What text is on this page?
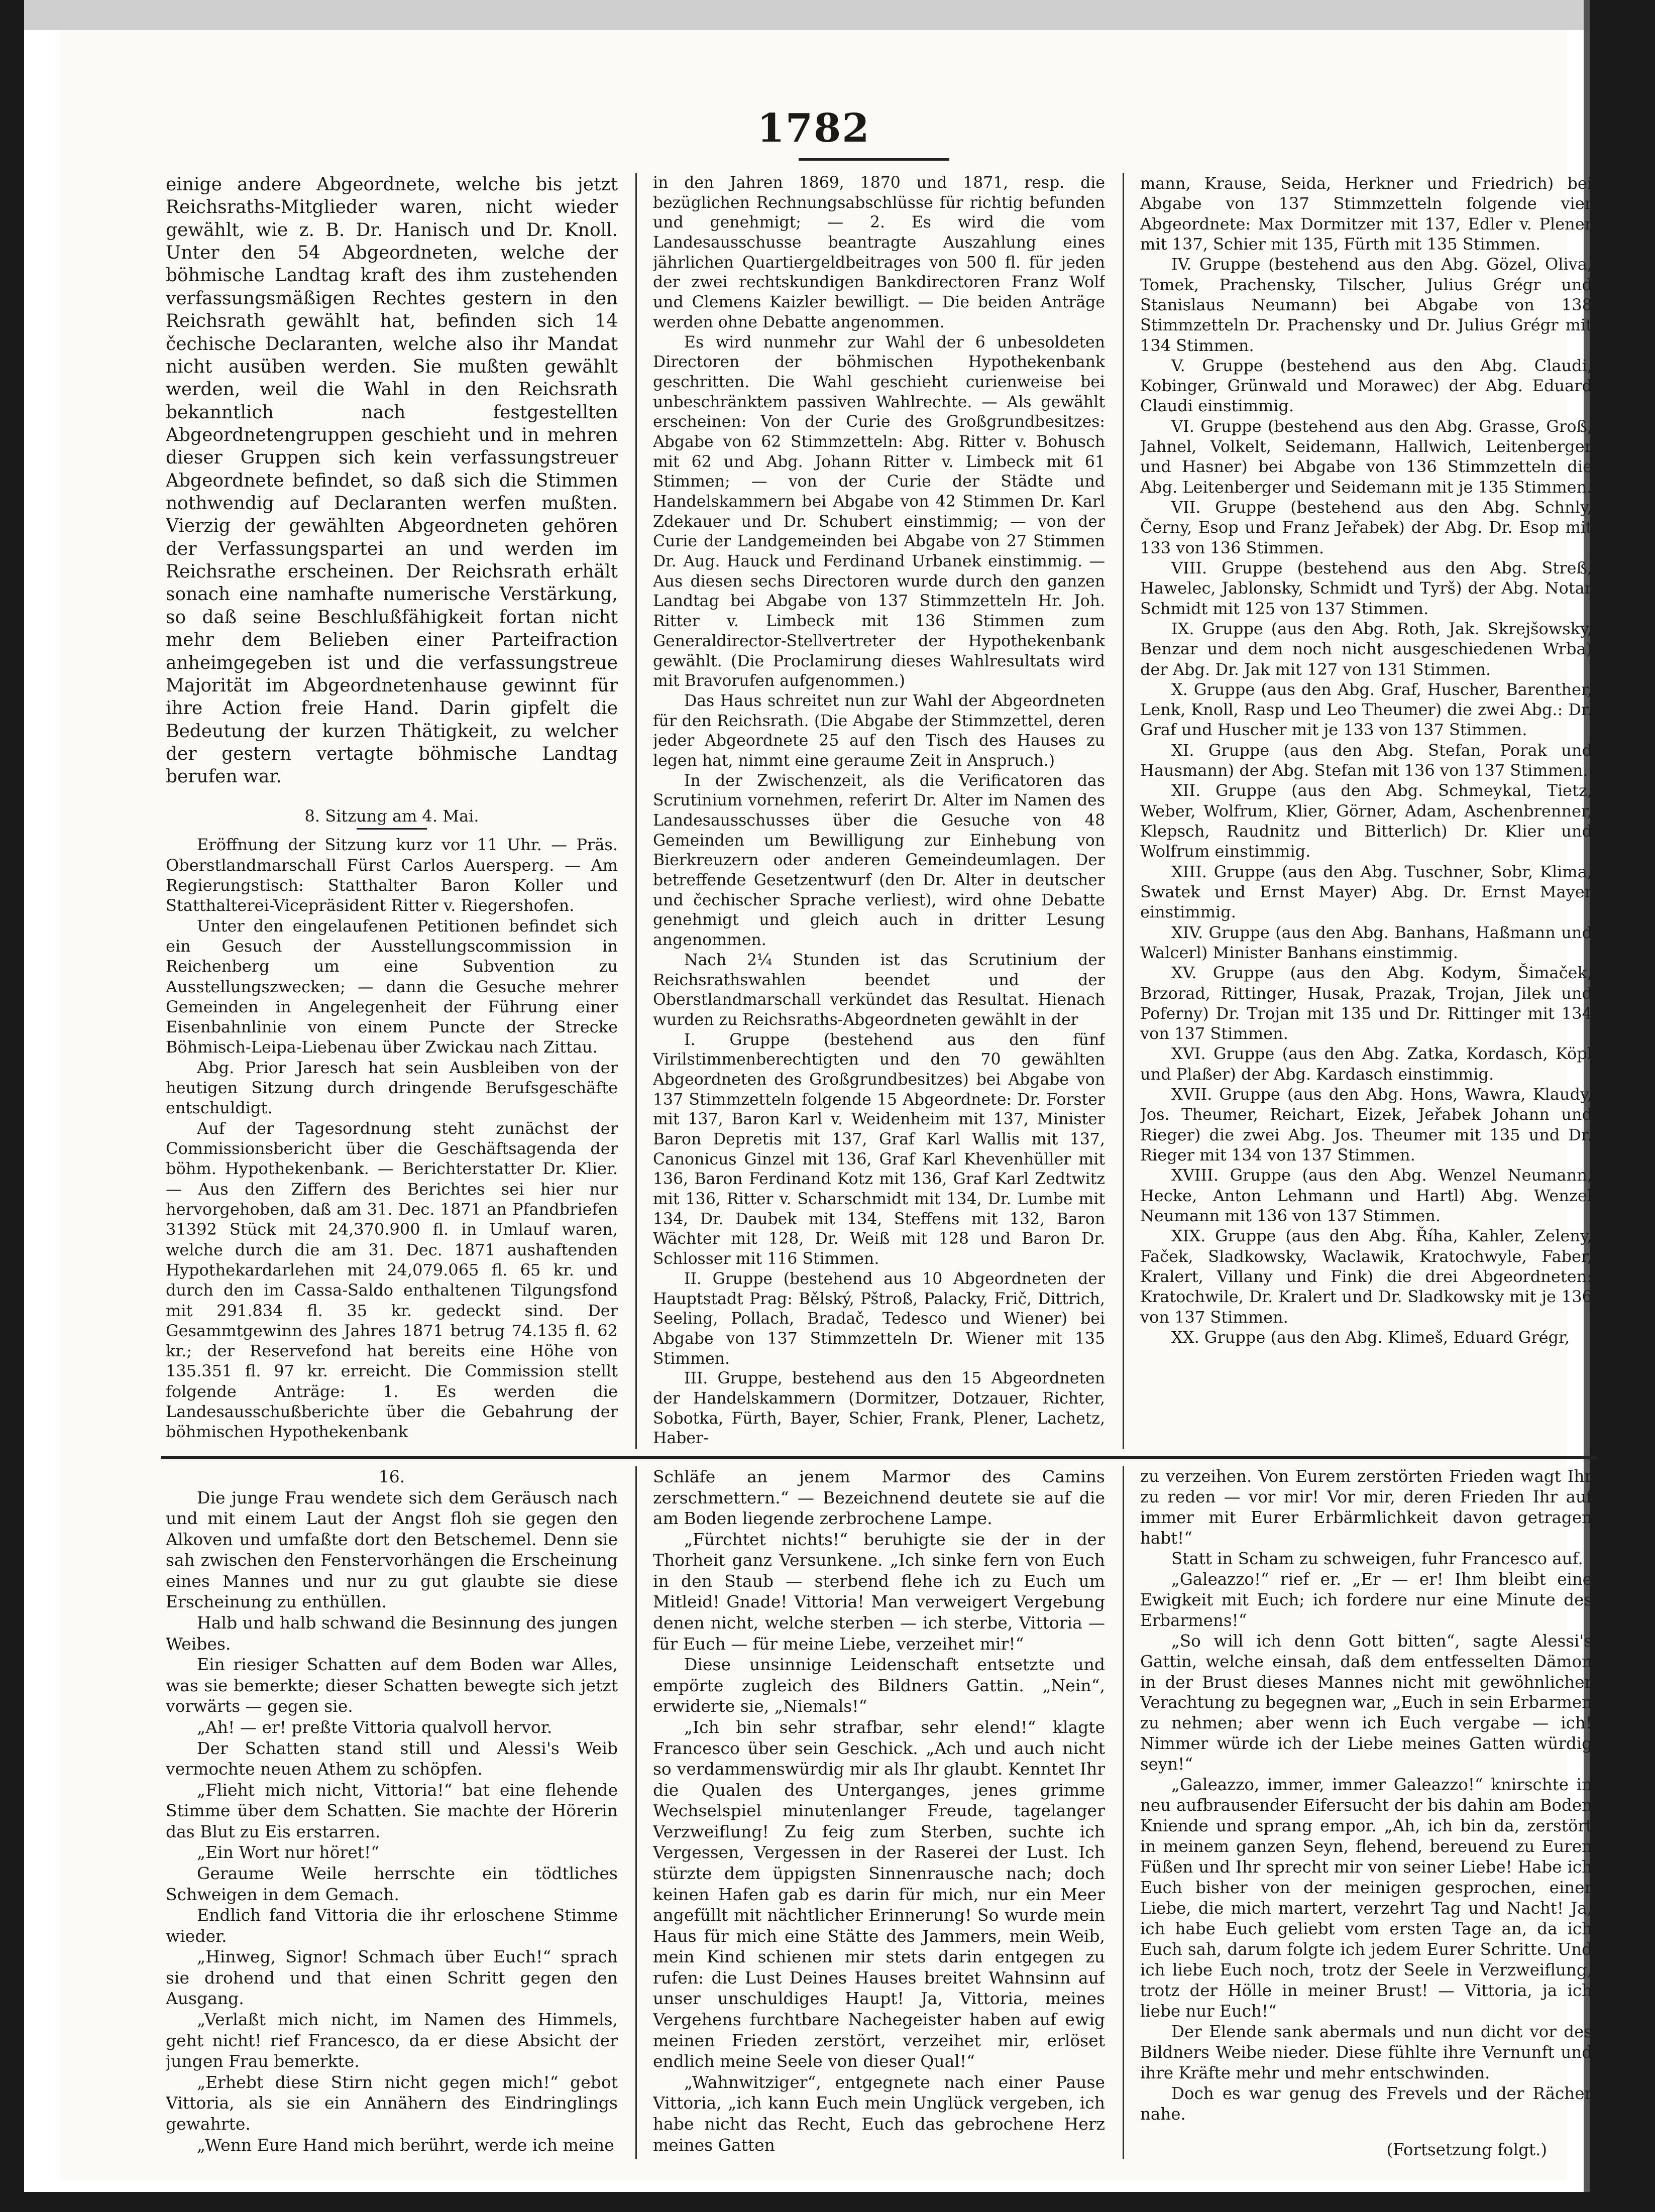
1782

einige andere Abgeordnete, welche bis jetzt Reichsraths-Mitglieder waren, nicht wieder gewählt, wie z. B. Dr. Hanisch und Dr. Knoll. Unter den 54 Abgeordneten, welche der böhmische Landtag kraft des ihm zustehenden verfassungsmäßigen Rechtes gestern in den Reichsrath gewählt hat, befinden sich 14 čechische Declaranten, welche also ihr Mandat nicht ausüben werden. Sie mußten gewählt werden, weil die Wahl in den Reichsrath bekanntlich nach festgestellten Abgeordnetengruppen geschieht und in mehren dieser Gruppen sich kein verfassungstreuer Abgeordnete befindet, so daß sich die Stimmen nothwendig auf Declaranten werfen mußten. Vierzig der gewählten Abgeordneten gehören der Verfassungspartei an und werden im Reichsrathe erscheinen. Der Reichsrath erhält sonach eine namhafte numerische Verstärkung, so daß seine Beschlußfähigkeit fortan nicht mehr dem Belieben einer Parteifraction anheimgegeben ist und die verfassungstreue Majorität im Abgeordnetenhause gewinnt für ihre Action freie Hand. Darin gipfelt die Bedeutung der kurzen Thätigkeit, zu welcher der gestern vertagte böhmische Landtag berufen war.

8. Sitzung am 4. Mai.

Eröffnung der Sitzung kurz vor 11 Uhr. — Präs. Oberstlandmarschall Fürst Carlos Auersperg. — Am Regierungstisch: Statthalter Baron Koller und Statthalterei-Vicepräsident Ritter v. Riegershofen.

Unter den eingelaufenen Petitionen befindet sich ein Gesuch der Ausstellungscommission in Reichenberg um eine Subvention zu Ausstellungszwecken; — dann die Gesuche mehrer Gemeinden in Angelegenheit der Führung einer Eisenbahnlinie von einem Puncte der Strecke Böhmisch-Leipa-Liebenau über Zwickau nach Zittau.

Abg. Prior Jaresch hat sein Ausbleiben von der heutigen Sitzung durch dringende Berufsgeschäfte entschuldigt.

Auf der Tagesordnung steht zunächst der Commissionsbericht über die Geschäftsagenda der böhm. Hypothekenbank. — Berichterstatter Dr. Klier. — Aus den Ziffern des Berichtes sei hier nur hervorgehoben, daß am 31. Dec. 1871 an Pfandbriefen 31392 Stück mit 24,370.900 fl. in Umlauf waren, welche durch die am 31. Dec. 1871 aushaftenden Hypothekardarlehen mit 24,079.065 fl. 65 kr. und durch den im Cassa-Saldo enthaltenen Tilgungsfond mit 291.834 fl. 35 kr. gedeckt sind. Der Gesammtgewinn des Jahres 1871 betrug 74.135 fl. 62 kr.; der Reservefond hat bereits eine Höhe von 135.351 fl. 97 kr. erreicht. Die Commission stellt folgende Anträge: 1. Es werden die Landesausschußberichte über die Gebahrung der böhmischen Hypothekenbank

in den Jahren 1869, 1870 und 1871, resp. die bezüglichen Rechnungsabschlüsse für richtig befunden und genehmigt; — 2. Es wird die vom Landesausschusse beantragte Auszahlung eines jährlichen Quartiergeldbeitrages von 500 fl. für jeden der zwei rechtskundigen Bankdirectoren Franz Wolf und Clemens Kaizler bewilligt. — Die beiden Anträge werden ohne Debatte angenommen.

Es wird nunmehr zur Wahl der 6 unbesoldeten Directoren der böhmischen Hypothekenbank geschritten. Die Wahl geschieht curienweise bei unbeschränktem passiven Wahlrechte. — Als gewählt erscheinen: Von der Curie des Großgrundbesitzes: Abgabe von 62 Stimmzetteln: Abg. Ritter v. Bohusch mit 62 und Abg. Johann Ritter v. Limbeck mit 61 Stimmen; — von der Curie der Städte und Handelskammern bei Abgabe von 42 Stimmen Dr. Karl Zdekauer und Dr. Schubert einstimmig; — von der Curie der Landgemeinden bei Abgabe von 27 Stimmen Dr. Aug. Hauck und Ferdinand Urbanek einstimmig. — Aus diesen sechs Directoren wurde durch den ganzen Landtag bei Abgabe von 137 Stimmzetteln Hr. Joh. Ritter v. Limbeck mit 136 Stimmen zum Generaldirector-Stellvertreter der Hypothekenbank gewählt. (Die Proclamirung dieses Wahlresultats wird mit Bravorufen aufgenommen.)

Das Haus schreitet nun zur Wahl der Abgeordneten für den Reichsrath. (Die Abgabe der Stimmzettel, deren jeder Abgeordnete 25 auf den Tisch des Hauses zu legen hat, nimmt eine geraume Zeit in Anspruch.)

In der Zwischenzeit, als die Verificatoren das Scrutinium vornehmen, referirt Dr. Alter im Namen des Landesausschusses über die Gesuche von 48 Gemeinden um Bewilligung zur Einhebung von Bierkreuzern oder anderen Gemeindeumlagen. Der betreffende Gesetzentwurf (den Dr. Alter in deutscher und čechischer Sprache verliest), wird ohne Debatte genehmigt und gleich auch in dritter Lesung angenommen.

Nach 2¼ Stunden ist das Scrutinium der Reichsrathswahlen beendet und der Oberstlandmarschall verkündet das Resultat. Hienach wurden zu Reichsraths-Abgeordneten gewählt in der

I. Gruppe (bestehend aus den fünf Virilstimmenberechtigten und den 70 gewählten Abgeordneten des Großgrundbesitzes) bei Abgabe von 137 Stimmzetteln folgende 15 Abgeordnete: Dr. Forster mit 137, Baron Karl v. Weidenheim mit 137, Minister Baron Depretis mit 137, Graf Karl Wallis mit 137, Canonicus Ginzel mit 136, Graf Karl Khevenhüller mit 136, Baron Ferdinand Kotz mit 136, Graf Karl Zedtwitz mit 136, Ritter v. Scharschmidt mit 134, Dr. Lumbe mit 134, Dr. Daubek mit 134, Steffens mit 132, Baron Wächter mit 128, Dr. Weiß mit 128 und Baron Dr. Schlosser mit 116 Stimmen.

II. Gruppe (bestehend aus 10 Abgeordneten der Hauptstadt Prag: Bělský, Pštroß, Palacky, Frič, Dittrich, Seeling, Pollach, Bradač, Tedesco und Wiener) bei Abgabe von 137 Stimmzetteln Dr. Wiener mit 135 Stimmen.

III. Gruppe, bestehend aus den 15 Abgeordneten der Handelskammern (Dormitzer, Dotzauer, Richter, Sobotka, Fürth, Bayer, Schier, Frank, Plener, Lachetz, Haber-

mann, Krause, Seida, Herkner und Friedrich) bei Abgabe von 137 Stimmzetteln folgende vier Abgeordnete: Max Dormitzer mit 137, Edler v. Plener mit 137, Schier mit 135, Fürth mit 135 Stimmen.

IV. Gruppe (bestehend aus den Abg. Gözel, Oliva, Tomek, Prachensky, Tilscher, Julius Grégr und Stanislaus Neumann) bei Abgabe von 138 Stimmzetteln Dr. Prachensky und Dr. Julius Grégr mit 134 Stimmen.

V. Gruppe (bestehend aus den Abg. Claudi, Kobinger, Grünwald und Morawec) der Abg. Eduard Claudi einstimmig.

VI. Gruppe (bestehend aus den Abg. Grasse, Groß, Jahnel, Volkelt, Seidemann, Hallwich, Leitenberger und Hasner) bei Abgabe von 136 Stimmzetteln die Abg. Leitenberger und Seidemann mit je 135 Stimmen.

VII. Gruppe (bestehend aus den Abg. Schnly, Černy, Esop und Franz Jeřabek) der Abg. Dr. Esop mit 133 von 136 Stimmen.

VIII. Gruppe (bestehend aus den Abg. Streß, Hawelec, Jablonsky, Schmidt und Tyrš) der Abg. Notar Schmidt mit 125 von 137 Stimmen.

IX. Gruppe (aus den Abg. Roth, Jak. Skrejšowsky, Benzar und dem noch nicht ausgeschiedenen Wrba) der Abg. Dr. Jak mit 127 von 131 Stimmen.

X. Gruppe (aus den Abg. Graf, Huscher, Barenther, Lenk, Knoll, Rasp und Leo Theumer) die zwei Abg.: Dr. Graf und Huscher mit je 133 von 137 Stimmen.

XI. Gruppe (aus den Abg. Stefan, Porak und Hausmann) der Abg. Stefan mit 136 von 137 Stimmen.

XII. Gruppe (aus den Abg. Schmeykal, Tietz, Weber, Wolfrum, Klier, Görner, Adam, Aschenbrenner, Klepsch, Raudnitz und Bitterlich) Dr. Klier und Wolfrum einstimmig.

XIII. Gruppe (aus den Abg. Tuschner, Sobr, Klima, Swatek und Ernst Mayer) Abg. Dr. Ernst Mayer einstimmig.

XIV. Gruppe (aus den Abg. Banhans, Haßmann und Walcerl) Minister Banhans einstimmig.

XV. Gruppe (aus den Abg. Kodym, Šimaček, Brzorad, Rittinger, Husak, Prazak, Trojan, Jilek und Poferny) Dr. Trojan mit 135 und Dr. Rittinger mit 134 von 137 Stimmen.

XVI. Gruppe (aus den Abg. Zatka, Kordasch, Köpl und Plaßer) der Abg. Kardasch einstimmig.

XVII. Gruppe (aus den Abg. Hons, Wawra, Klaudy, Jos. Theumer, Reichart, Eizek, Jeřabek Johann und Rieger) die zwei Abg. Jos. Theumer mit 135 und Dr. Rieger mit 134 von 137 Stimmen.

XVIII. Gruppe (aus den Abg. Wenzel Neumann, Hecke, Anton Lehmann und Hartl) Abg. Wenzel Neumann mit 136 von 137 Stimmen.

XIX. Gruppe (aus den Abg. Říha, Kahler, Zeleny, Faček, Sladkowsky, Waclawik, Kratochwyle, Faber, Kralert, Villany und Fink) die drei Abgeordneten: Kratochwile, Dr. Kralert und Dr. Sladkowsky mit je 136 von 137 Stimmen.

XX. Gruppe (aus den Abg. Klimeš, Eduard Grégr,

16.

Die junge Frau wendete sich dem Geräusch nach und mit einem Laut der Angst floh sie gegen den Alkoven und umfaßte dort den Betschemel. Denn sie sah zwischen den Fenstervorhängen die Erscheinung eines Mannes und nur zu gut glaubte sie diese Erscheinung zu enthüllen.

Halb und halb schwand die Besinnung des jungen Weibes.

Ein riesiger Schatten auf dem Boden war Alles, was sie bemerkte; dieser Schatten bewegte sich jetzt vorwärts — gegen sie.

„Ah! — er! preßte Vittoria qualvoll hervor.

Der Schatten stand still und Alessi's Weib vermochte neuen Athem zu schöpfen.

„Flieht mich nicht, Vittoria!“ bat eine flehende Stimme über dem Schatten. Sie machte der Hörerin das Blut zu Eis erstarren.

„Ein Wort nur höret!“

Geraume Weile herrschte ein tödtliches Schweigen in dem Gemach.

Endlich fand Vittoria die ihr erloschene Stimme wieder.

„Hinweg, Signor! Schmach über Euch!“ sprach sie drohend und that einen Schritt gegen den Ausgang.

„Verlaßt mich nicht, im Namen des Himmels, geht nicht! rief Francesco, da er diese Absicht der jungen Frau bemerkte.

„Erhebt diese Stirn nicht gegen mich!“ gebot Vittoria, als sie ein Annähern des Eindringlings gewahrte.

„Wenn Eure Hand mich berührt, werde ich meine

Schläfe an jenem Marmor des Camins zerschmettern.“ — Bezeichnend deutete sie auf die am Boden liegende zerbrochene Lampe.

„Fürchtet nichts!“ beruhigte sie der in der Thorheit ganz Versunkene. „Ich sinke fern von Euch in den Staub — sterbend flehe ich zu Euch um Mitleid! Gnade! Vittoria! Man verweigert Vergebung denen nicht, welche sterben — ich sterbe, Vittoria — für Euch — für meine Liebe, verzeihet mir!“

Diese unsinnige Leidenschaft entsetzte und empörte zugleich des Bildners Gattin. „Nein“, erwiderte sie, „Niemals!“

„Ich bin sehr strafbar, sehr elend!“ klagte Francesco über sein Geschick. „Ach und auch nicht so verdammenswürdig mir als Ihr glaubt. Kenntet Ihr die Qualen des Unterganges, jenes grimme Wechselspiel minutenlanger Freude, tagelanger Verzweiflung! Zu feig zum Sterben, suchte ich Vergessen, Vergessen in der Raserei der Lust. Ich stürzte dem üppigsten Sinnenrausche nach; doch keinen Hafen gab es darin für mich, nur ein Meer angefüllt mit nächtlicher Erinnerung! So wurde mein Haus für mich eine Stätte des Jammers, mein Weib, mein Kind schienen mir stets darin entgegen zu rufen: die Lust Deines Hauses breitet Wahnsinn auf unser unschuldiges Haupt! Ja, Vittoria, meines Vergehens furchtbare Nachegeister haben auf ewig meinen Frieden zerstört, verzeihet mir, erlöset endlich meine Seele von dieser Qual!“

„Wahnwitziger“, entgegnete nach einer Pause Vittoria, „ich kann Euch mein Unglück vergeben, ich habe nicht das Recht, Euch das gebrochene Herz meines Gatten

zu verzeihen. Von Eurem zerstörten Frieden wagt Ihr zu reden — vor mir! Vor mir, deren Frieden Ihr auf immer mit Eurer Erbärmlichkeit davon getragen habt!“

Statt in Scham zu schweigen, fuhr Francesco auf.

„Galeazzo!“ rief er. „Er — er! Ihm bleibt eine Ewigkeit mit Euch; ich fordere nur eine Minute des Erbarmens!“

„So will ich denn Gott bitten“, sagte Alessi's Gattin, welche einsah, daß dem entfesselten Dämon in der Brust dieses Mannes nicht mit gewöhnlicher Verachtung zu begegnen war, „Euch in sein Erbarmen zu nehmen; aber wenn ich Euch vergabe — ich! Nimmer würde ich der Liebe meines Gatten würdig seyn!“

„Galeazzo, immer, immer Galeazzo!“ knirschte in neu aufbrausender Eifersucht der bis dahin am Boden Kniende und sprang empor. „Ah, ich bin da, zerstört in meinem ganzen Seyn, flehend, bereuend zu Euren Füßen und Ihr sprecht mir von seiner Liebe! Habe ich Euch bisher von der meinigen gesprochen, einer Liebe, die mich martert, verzehrt Tag und Nacht! Ja, ich habe Euch geliebt vom ersten Tage an, da ich Euch sah, darum folgte ich jedem Eurer Schritte. Und ich liebe Euch noch, trotz der Seele in Verzweiflung, trotz der Hölle in meiner Brust! — Vittoria, ja ich liebe nur Euch!“

Der Elende sank abermals und nun dicht vor des Bildners Weibe nieder. Diese fühlte ihre Vernunft und ihre Kräfte mehr und mehr entschwinden.

Doch es war genug des Frevels und der Rächer nahe.

(Fortsetzung folgt.)
